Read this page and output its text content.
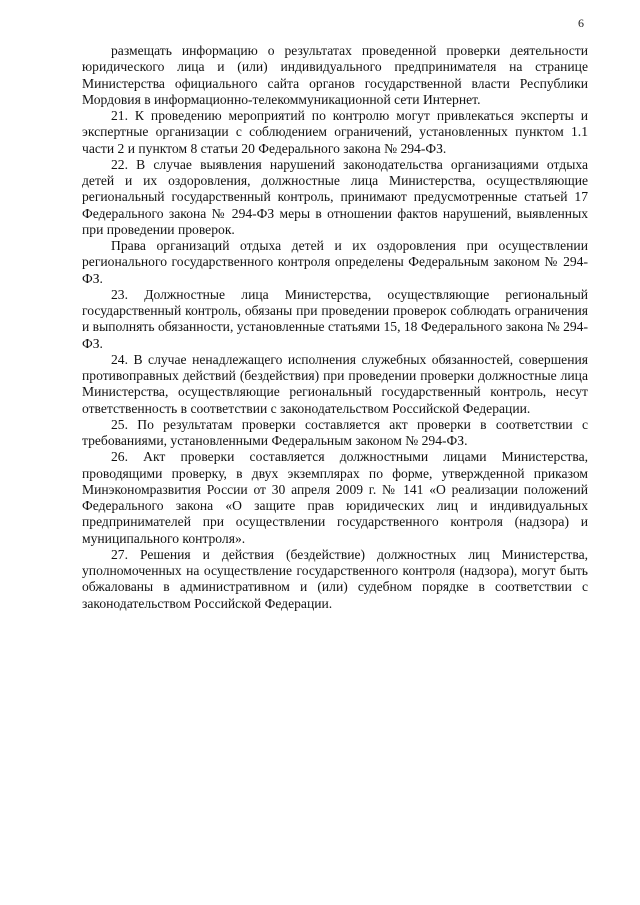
6

размещать информацию о результатах проведенной проверки деятельности юридического лица и (или) индивидуального предпринимателя на странице Министерства официального сайта органов государственной власти Республики Мордовия в информационно-телекоммуникационной сети Интернет.

21. К проведению мероприятий по контролю могут привлекаться эксперты и экспертные организации с соблюдением ограничений, установленных пунктом 1.1 части 2 и пунктом 8 статьи 20 Федерального закона № 294-ФЗ.

22. В случае выявления нарушений законодательства организациями отдыха детей и их оздоровления, должностные лица Министерства, осуществляющие региональный государственный контроль, принимают предусмотренные статьей 17 Федерального закона № 294-ФЗ меры в отношении фактов нарушений, выявленных при проведении проверок.

Права организаций отдыха детей и их оздоровления при осуществлении регионального государственного контроля определены Федеральным законом № 294-ФЗ.

23. Должностные лица Министерства, осуществляющие региональный государственный контроль, обязаны при проведении проверок соблюдать ограничения и выполнять обязанности, установленные статьями 15, 18 Федерального закона № 294-ФЗ.

24. В случае ненадлежащего исполнения служебных обязанностей, совершения противоправных действий (бездействия) при проведении проверки должностные лица Министерства, осуществляющие региональный государственный контроль, несут ответственность в соответствии с законодательством Российской Федерации.

25. По результатам проверки составляется акт проверки в соответствии с требованиями, установленными Федеральным законом № 294-ФЗ.

26. Акт проверки составляется должностными лицами Министерства, проводящими проверку, в двух экземплярах по форме, утвержденной приказом Минэкономразвития России от 30 апреля 2009 г. № 141 «О реализации положений Федерального закона «О защите прав юридических лиц и индивидуальных предпринимателей при осуществлении государственного контроля (надзора) и муниципального контроля».

27. Решения и действия (бездействие) должностных лиц Министерства, уполномоченных на осуществление государственного контроля (надзора), могут быть обжалованы в административном и (или) судебном порядке в соответствии с законодательством Российской Федерации.
